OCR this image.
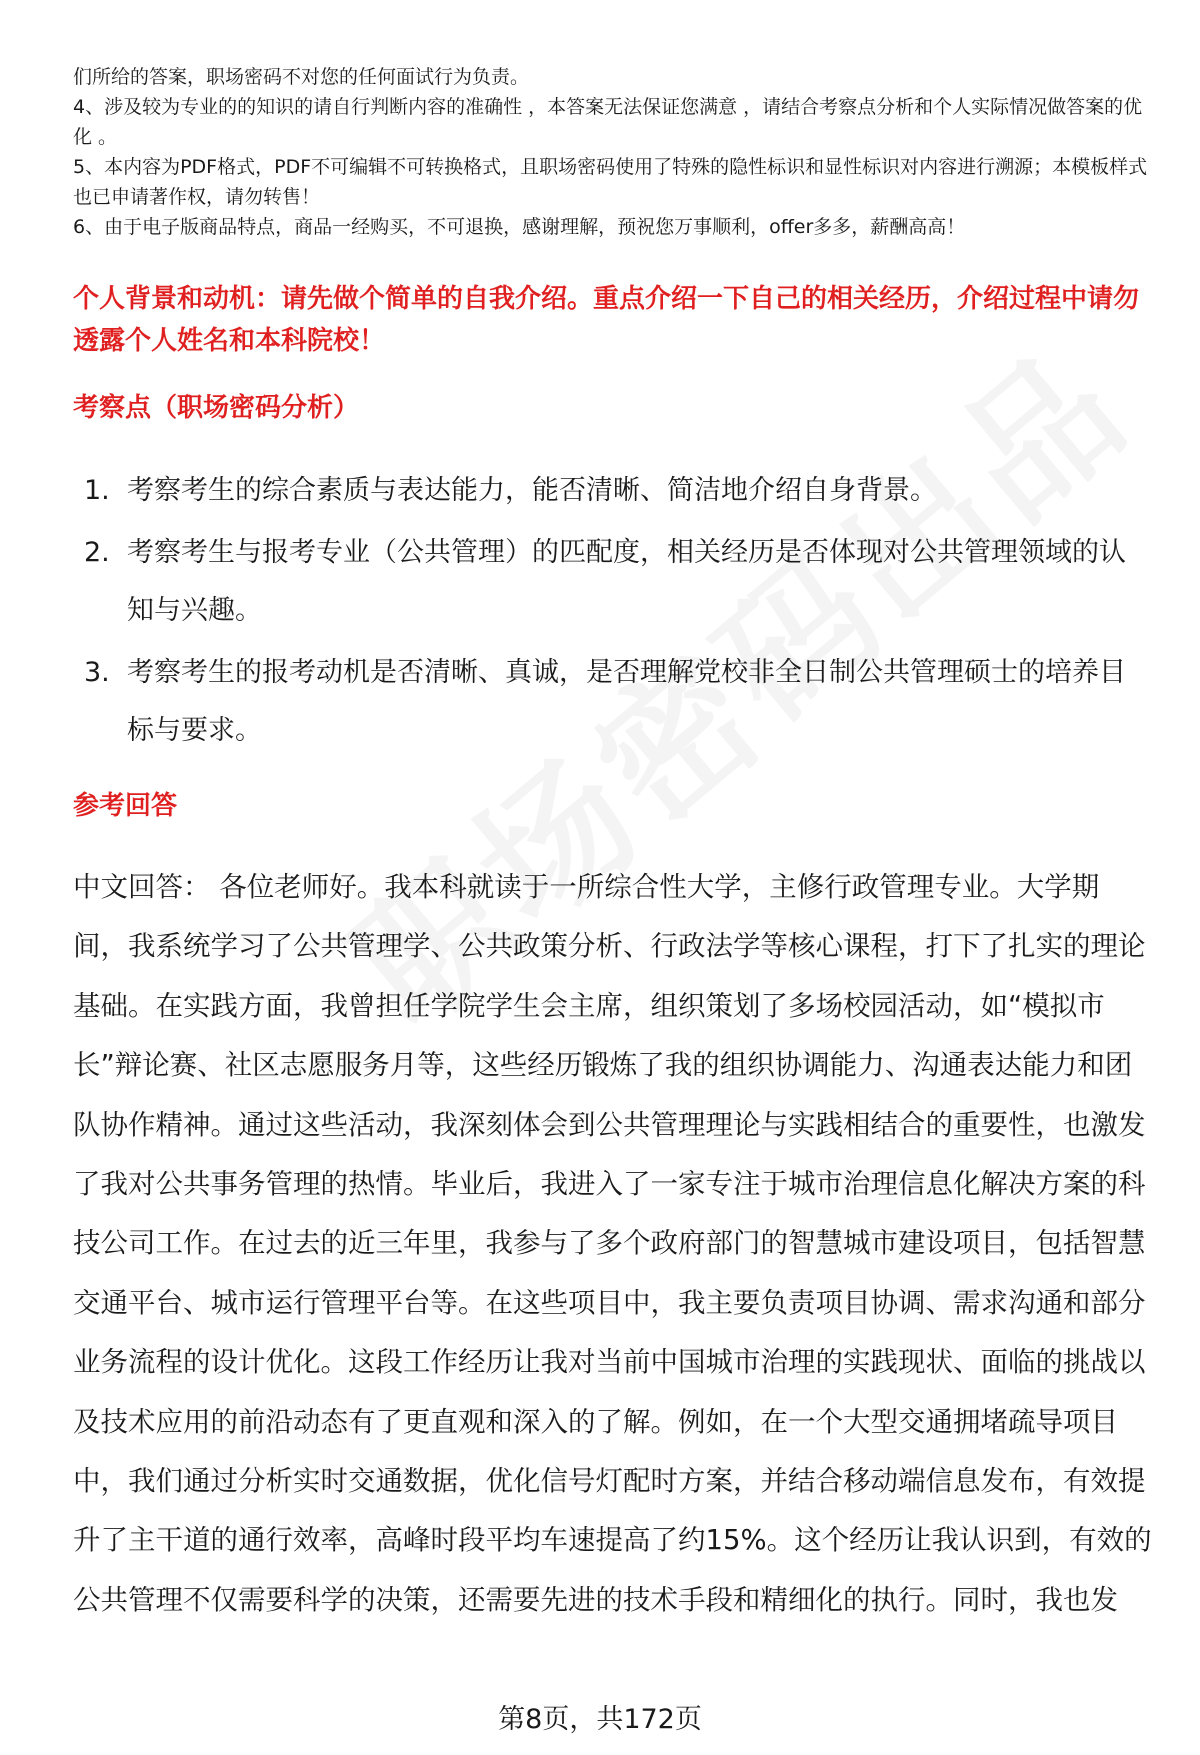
们所给的答案，职场密码不对您的任何面试行为负责。

4、涉及较为专业的的知识的请自行判断内容的准确性 ，本答案无法保证您满意 ，请结合考察点分析和个人实际情况做答案的优化 。

5、本内容为PDF格式，PDF不可编辑不可转换格式，且职场密码使用了特殊的隐性标识和显性标识对内容进行溯源；本模板样式也已申请著作权，请勿转售！

6、由于电子版商品特点，商品一经购买，不可退换，感谢理解，预祝您万事顺利，offer多多，薪酬高高！

个人背景和动机：请先做个简单的自我介绍。重点介绍一下自己的相关经历，介绍过程中请勿透露个人姓名和本科院校！
考察点（职场密码分析）
1. 考察考生的综合素质与表达能力，能否清晰、简洁地介绍自身背景。
2. 考察考生与报考专业（公共管理）的匹配度，相关经历是否体现对公共管理领域的认知与兴趣。
3. 考察考生的报考动机是否清晰、真诚，是否理解党校非全日制公共管理硕士的培养目标与要求。
参考回答

中文回答： 各位老师好。我本科就读于一所综合性大学，主修行政管理专业。大学期间，我系统学习了公共管理学、公共政策分析、行政法学等核心课程，打下了扎实的理论基础。在实践方面，我曾担任学院学生会主席，组织策划了多场校园活动，如“模拟市长”辩论赛、社区志愿服务月等，这些经历锻炼了我的组织协调能力、沟通表达能力和团队协作精神。通过这些活动，我深刻体会到公共管理理论与实践相结合的重要性，也激发了我对公共事务管理的热情。毕业后，我进入了一家专注于城市治理信息化解决方案的科技公司工作。在过去的近三年里，我参与了多个政府部门的智慧城市建设项目，包括智慧交通平台、城市运行管理平台等。在这些项目中，我主要负责项目协调、需求沟通和部分业务流程的设计优化。这段工作经历让我对当前中国城市治理的实践现状、面临的挑战以及技术应用的前沿动态有了更直观和深入的了解。例如，在一个大型交通拥堵疏导项目中，我们通过分析实时交通数据，优化信号灯配时方案，并结合移动端信息发布，有效提升了主干道的通行效率，高峰时段平均车速提高了约15%。这个经历让我认识到，有效的公共管理不仅需要科学的决策，还需要先进的技术手段和精细化的执行。同时，我也发

第8页，共172页
